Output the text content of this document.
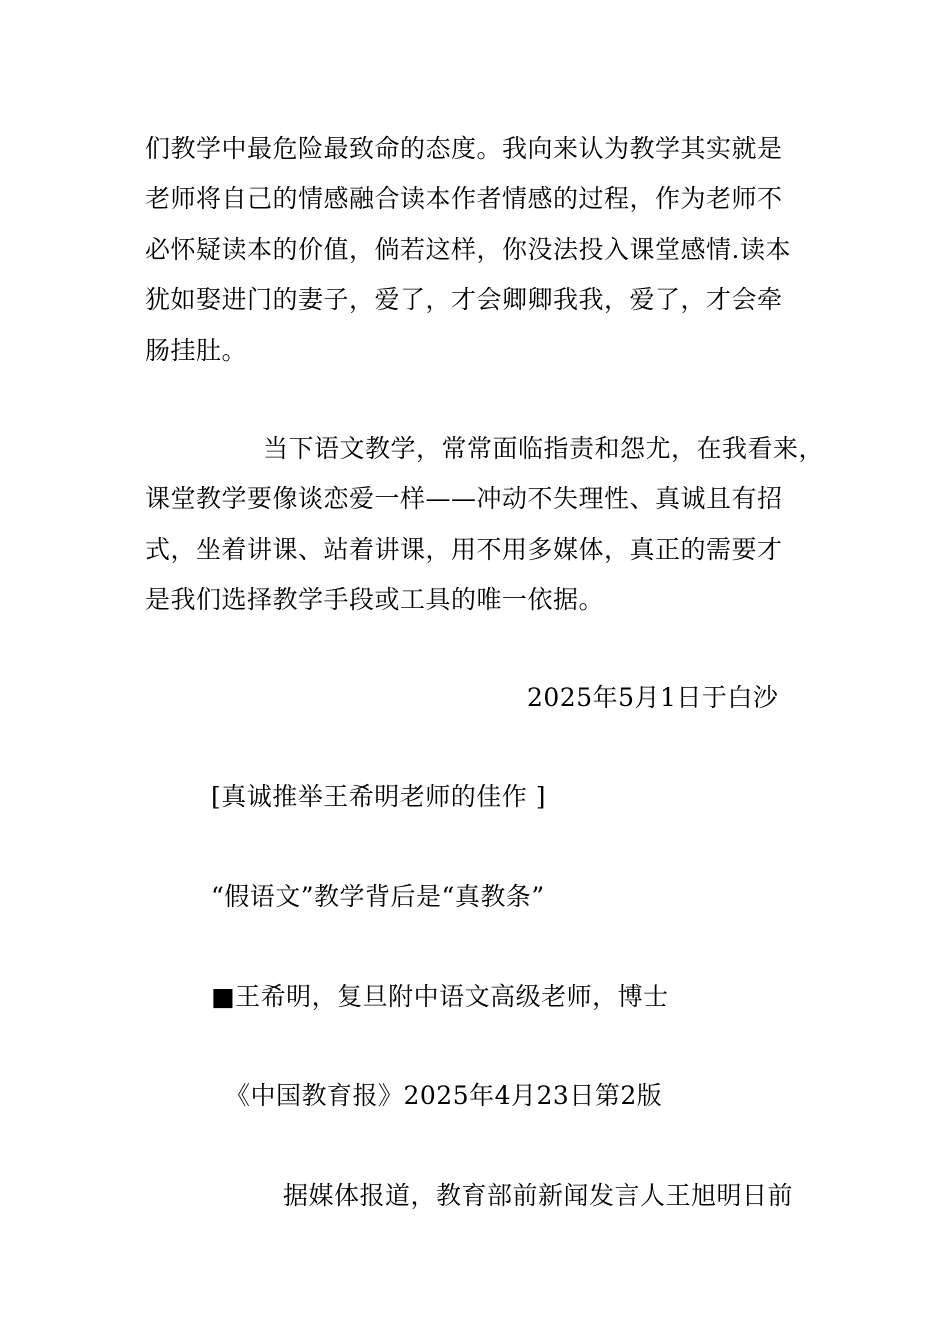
们教学中最危险最致命的态度。我向来认为教学其实就是
老师将自己的情感融合读本作者情感的过程，作为老师不
必怀疑读本的价值，倘若这样，你没法投入课堂感情.读本
犹如娶进门的妻子，爱了，才会卿卿我我，爱了，才会牵
肠挂肚。
当下语文教学，常常面临指责和怨尤，在我看来，
课堂教学要像谈恋爱一样——冲动不失理性、真诚且有招
式，坐着讲课、站着讲课，用不用多媒体，真正的需要才
是我们选择教学手段或工具的唯一依据。
2025年5月1日于白沙
[真诚推举王希明老师的佳作 ]
“假语文”教学背后是“真教条”
■王希明，复旦附中语文高级老师，博士
《中国教育报》2025年4月23日第2版
据媒体报道，教育部前新闻发言人王旭明日前
